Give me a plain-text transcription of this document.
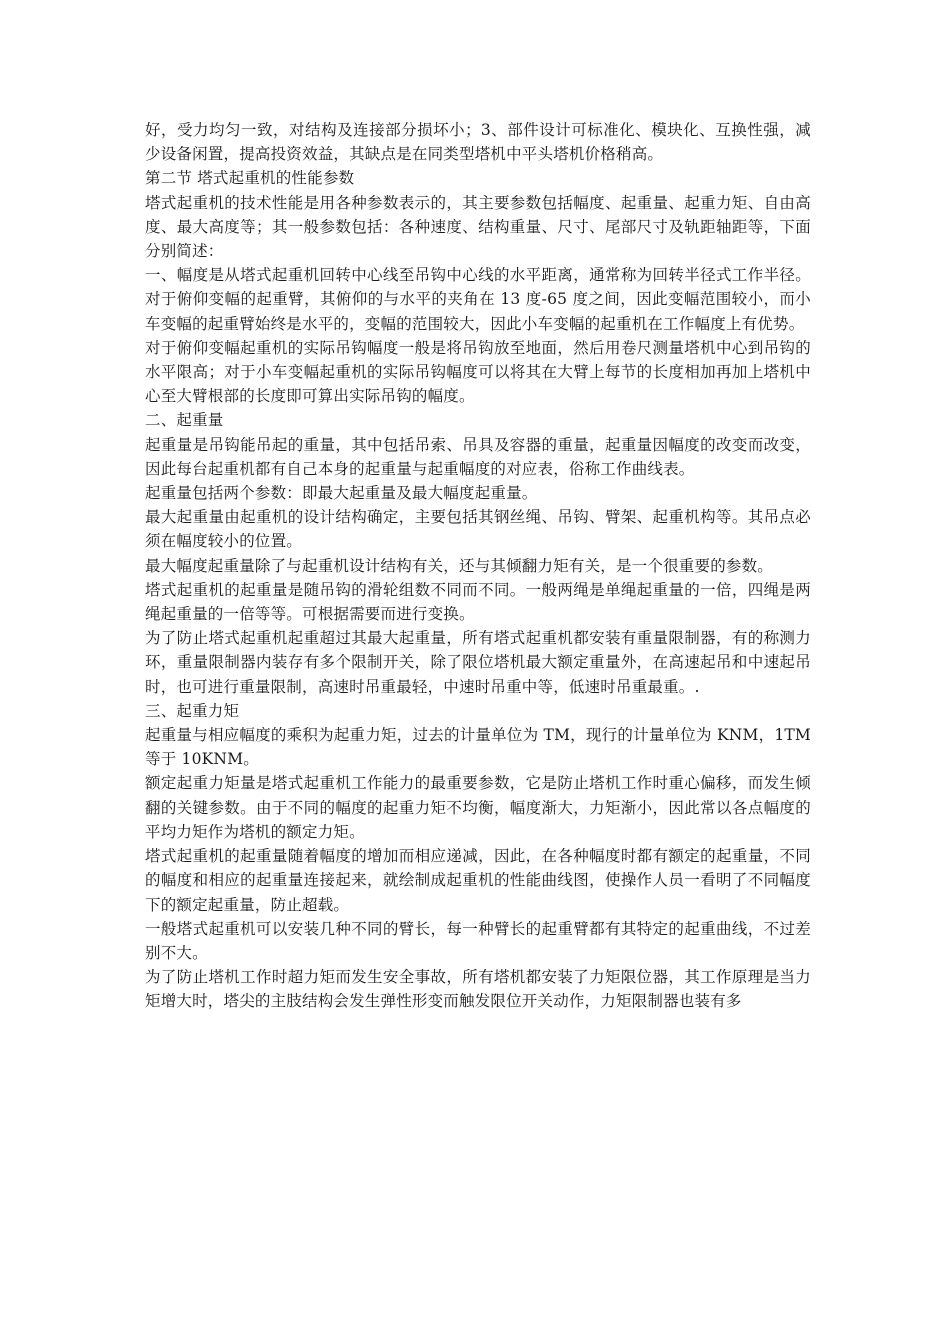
好，受力均匀一致，对结构及连接部分损坏小；3、部件设计可标准化、模块化、互换性强，减少设备闲置，提高投资效益，其缺点是在同类型塔机中平头塔机价格稍高。

第二节 塔式起重机的性能参数

塔式起重机的技术性能是用各种参数表示的，其主要参数包括幅度、起重量、起重力矩、自由高度、最大高度等；其一般参数包括：各种速度、结构重量、尺寸、尾部尺寸及轨距轴距等，下面分别简述：

一、幅度是从塔式起重机回转中心线至吊钩中心线的水平距离，通常称为回转半径式工作半径。对于俯仰变幅的起重臂，其俯仰的与水平的夹角在 13 度-65 度之间，因此变幅范围较小，而小车变幅的起重臂始终是水平的，变幅的范围较大，因此小车变幅的起重机在工作幅度上有优势。

对于俯仰变幅起重机的实际吊钩幅度一般是将吊钩放至地面，然后用卷尺测量塔机中心到吊钩的水平限高；对于小车变幅起重机的实际吊钩幅度可以将其在大臂上每节的长度相加再加上塔机中心至大臂根部的长度即可算出实际吊钩的幅度。

二、起重量

起重量是吊钩能吊起的重量，其中包括吊索、吊具及容器的重量，起重量因幅度的改变而改变，因此每台起重机都有自己本身的起重量与起重幅度的对应表，俗称工作曲线表。

起重量包括两个参数：即最大起重量及最大幅度起重量。

最大起重量由起重机的设计结构确定，主要包括其钢丝绳、吊钩、臂架、起重机构等。其吊点必须在幅度较小的位置。

最大幅度起重量除了与起重机设计结构有关，还与其倾翻力矩有关，是一个很重要的参数。

塔式起重机的起重量是随吊钩的滑轮组数不同而不同。一般两绳是单绳起重量的一倍，四绳是两绳起重量的一倍等等。可根据需要而进行变换。

为了防止塔式起重机起重超过其最大起重量，所有塔式起重机都安装有重量限制器，有的称测力环，重量限制器内装存有多个限制开关，除了限位塔机最大额定重量外，在高速起吊和中速起吊时，也可进行重量限制，高速时吊重最轻，中速时吊重中等，低速时吊重最重。.

三、起重力矩

起重量与相应幅度的乘积为起重力矩，过去的计量单位为 TM，现行的计量单位为 KNM，1TM 等于 10KNM。

额定起重力矩量是塔式起重机工作能力的最重要参数，它是防止塔机工作时重心偏移，而发生倾翻的关键参数。由于不同的幅度的起重力矩不均衡，幅度渐大，力矩渐小，因此常以各点幅度的平均力矩作为塔机的额定力矩。

塔式起重机的起重量随着幅度的增加而相应递减，因此，在各种幅度时都有额定的起重量，不同的幅度和相应的起重量连接起来，就绘制成起重机的性能曲线图，使操作人员一看明了不同幅度下的额定起重量，防止超载。

一般塔式起重机可以安装几种不同的臂长，每一种臂长的起重臂都有其特定的起重曲线，不过差别不大。

为了防止塔机工作时超力矩而发生安全事故，所有塔机都安装了力矩限位器，其工作原理是当力矩增大时，塔尖的主肢结构会发生弹性形变而触发限位开关动作，力矩限制器也装有多
